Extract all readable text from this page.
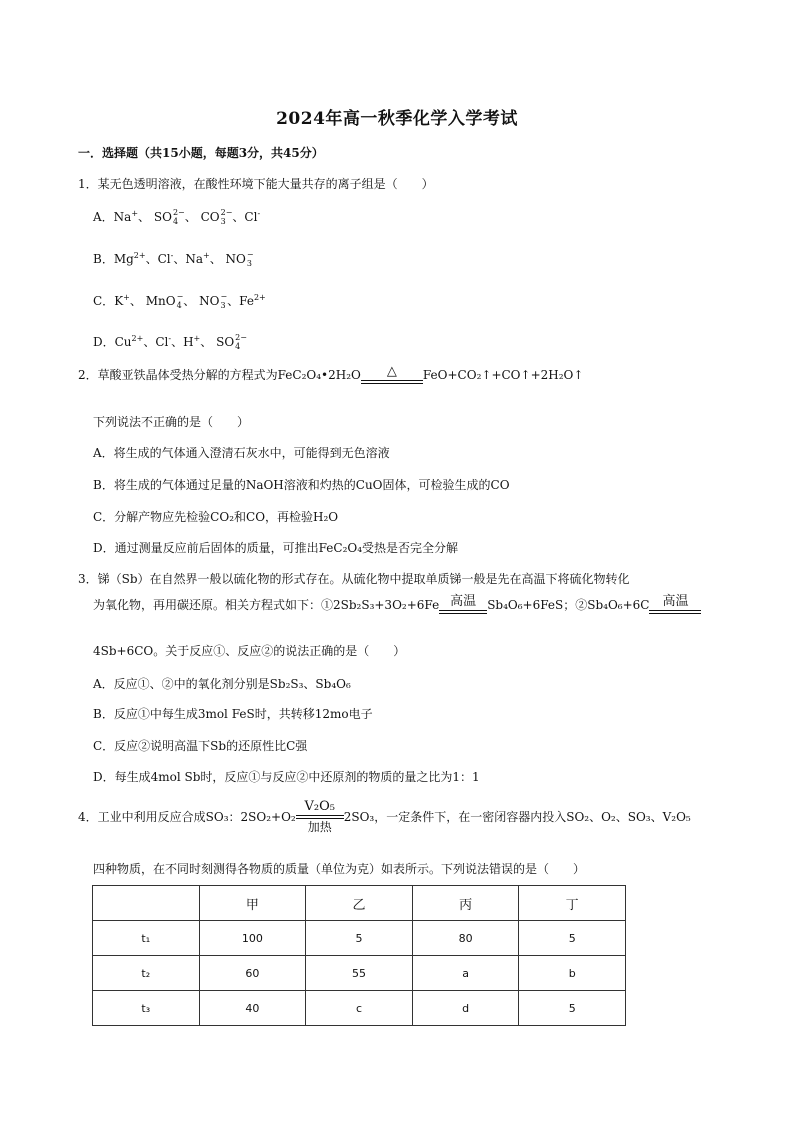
2024年高一秋季化学入学考试
一．选择题（共15小题，每题3分，共45分）
1．某无色透明溶液，在酸性环境下能大量共存的离子组是（　　）
A．Na+、 SO 2−
4 、 CO 2−
3 、Cl-
B．$Mg^{2+}$、Cl-、Na+、 NO −
3
C．K+、 MnO −
4 、 NO −
3 、$Fe^{2+}$
D．$Cu^{2+}$、Cl-、H+、 SO 2−
4
2．草酸亚铁晶体受热分解的方程式为FeC₂O₄•2H₂O	△	FeO+CO₂↑+CO↑+2H₂O↑
下列说法不正确的是（　　）
A．将生成的气体通入澄清石灰水中，可能得到无色溶液
B．将生成的气体通过足量的NaOH溶液和灼热的CuO固体，可检验生成的CO
C．分解产物应先检验CO₂和CO，再检验H₂O
D．通过测量反应前后固体的质量，可推出FeC₂O₄受热是否完全分解
3．锑（Sb）在自然界一般以硫化物的形式存在。从硫化物中提取单质锑一般是先在高温下将硫化物转化
为氧化物，再用碳还原。相关方程式如下：①2Sb₂S₃+3O₂+6Fe 高温 Sb₄O₆+6FeS；②Sb₄O₆+6C 高温
4Sb+6CO。关于反应①、反应②的说法正确的是（　　）
A．反应①、②中的氧化剂分别是Sb₂S₃、Sb₄O₆
B．反应①中每生成3mol FeS时，共转移12mo电子
C．反应②说明高温下Sb的还原性比C强
D．每生成4mol Sb时，反应①与反应②中还原剂的物质的量之比为1：1
4．工业中利用反应合成SO₃：2SO₂+O₂
V₂O₅
加热
2SO₃，一定条件下，在一密闭容器内投入SO₂、O₂、SO₃、V₂O₅
四种物质，在不同时刻测得各物质的质量（单位为克）如表所示。下列说法错误的是（　　）
	甲	乙	丙	丁
t₁	100	5	80	5
t₂	60	55	a	b
t₃	40	c	d	5
